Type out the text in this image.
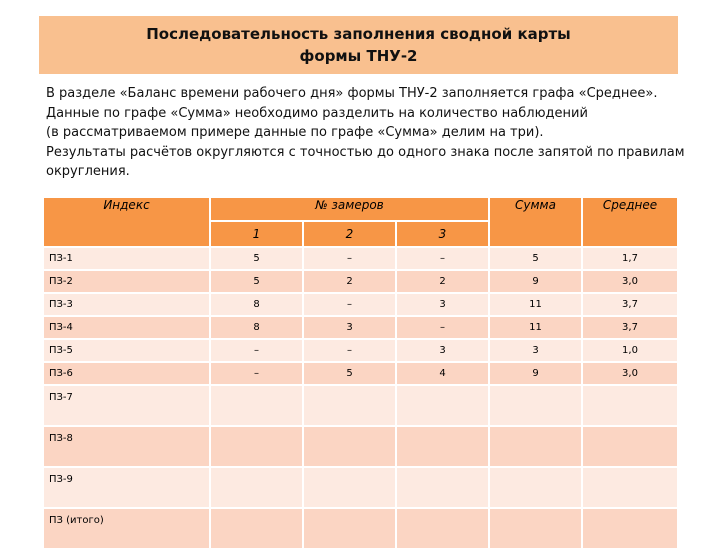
Последовательность заполнения сводной карты
формы ТНУ-2
В разделе «Баланс времени рабочего дня» формы ТНУ-2 заполняется графа «Среднее».
Данные по графе «Сумма» необходимо разделить на количество наблюдений
(в рассматриваемом примере данные по графе «Сумма» делим на три).
Результаты расчётов округляются с точностью до одного знака после запятой по правилам
округления.
Индекс	№ замеров			Сумма	Среднее
	1	2	3		
ПЗ-1	5	–	–	5	1,7
ПЗ-2	5	2	2	9	3,0
ПЗ-3	8	–	3	11	3,7
ПЗ-4	8	3	–	11	3,7
ПЗ-5	–	–	3	3	1,0
ПЗ-6	–	5	4	9	3,0
ПЗ-7					
ПЗ-8					
ПЗ-9					
ПЗ (итого)					
